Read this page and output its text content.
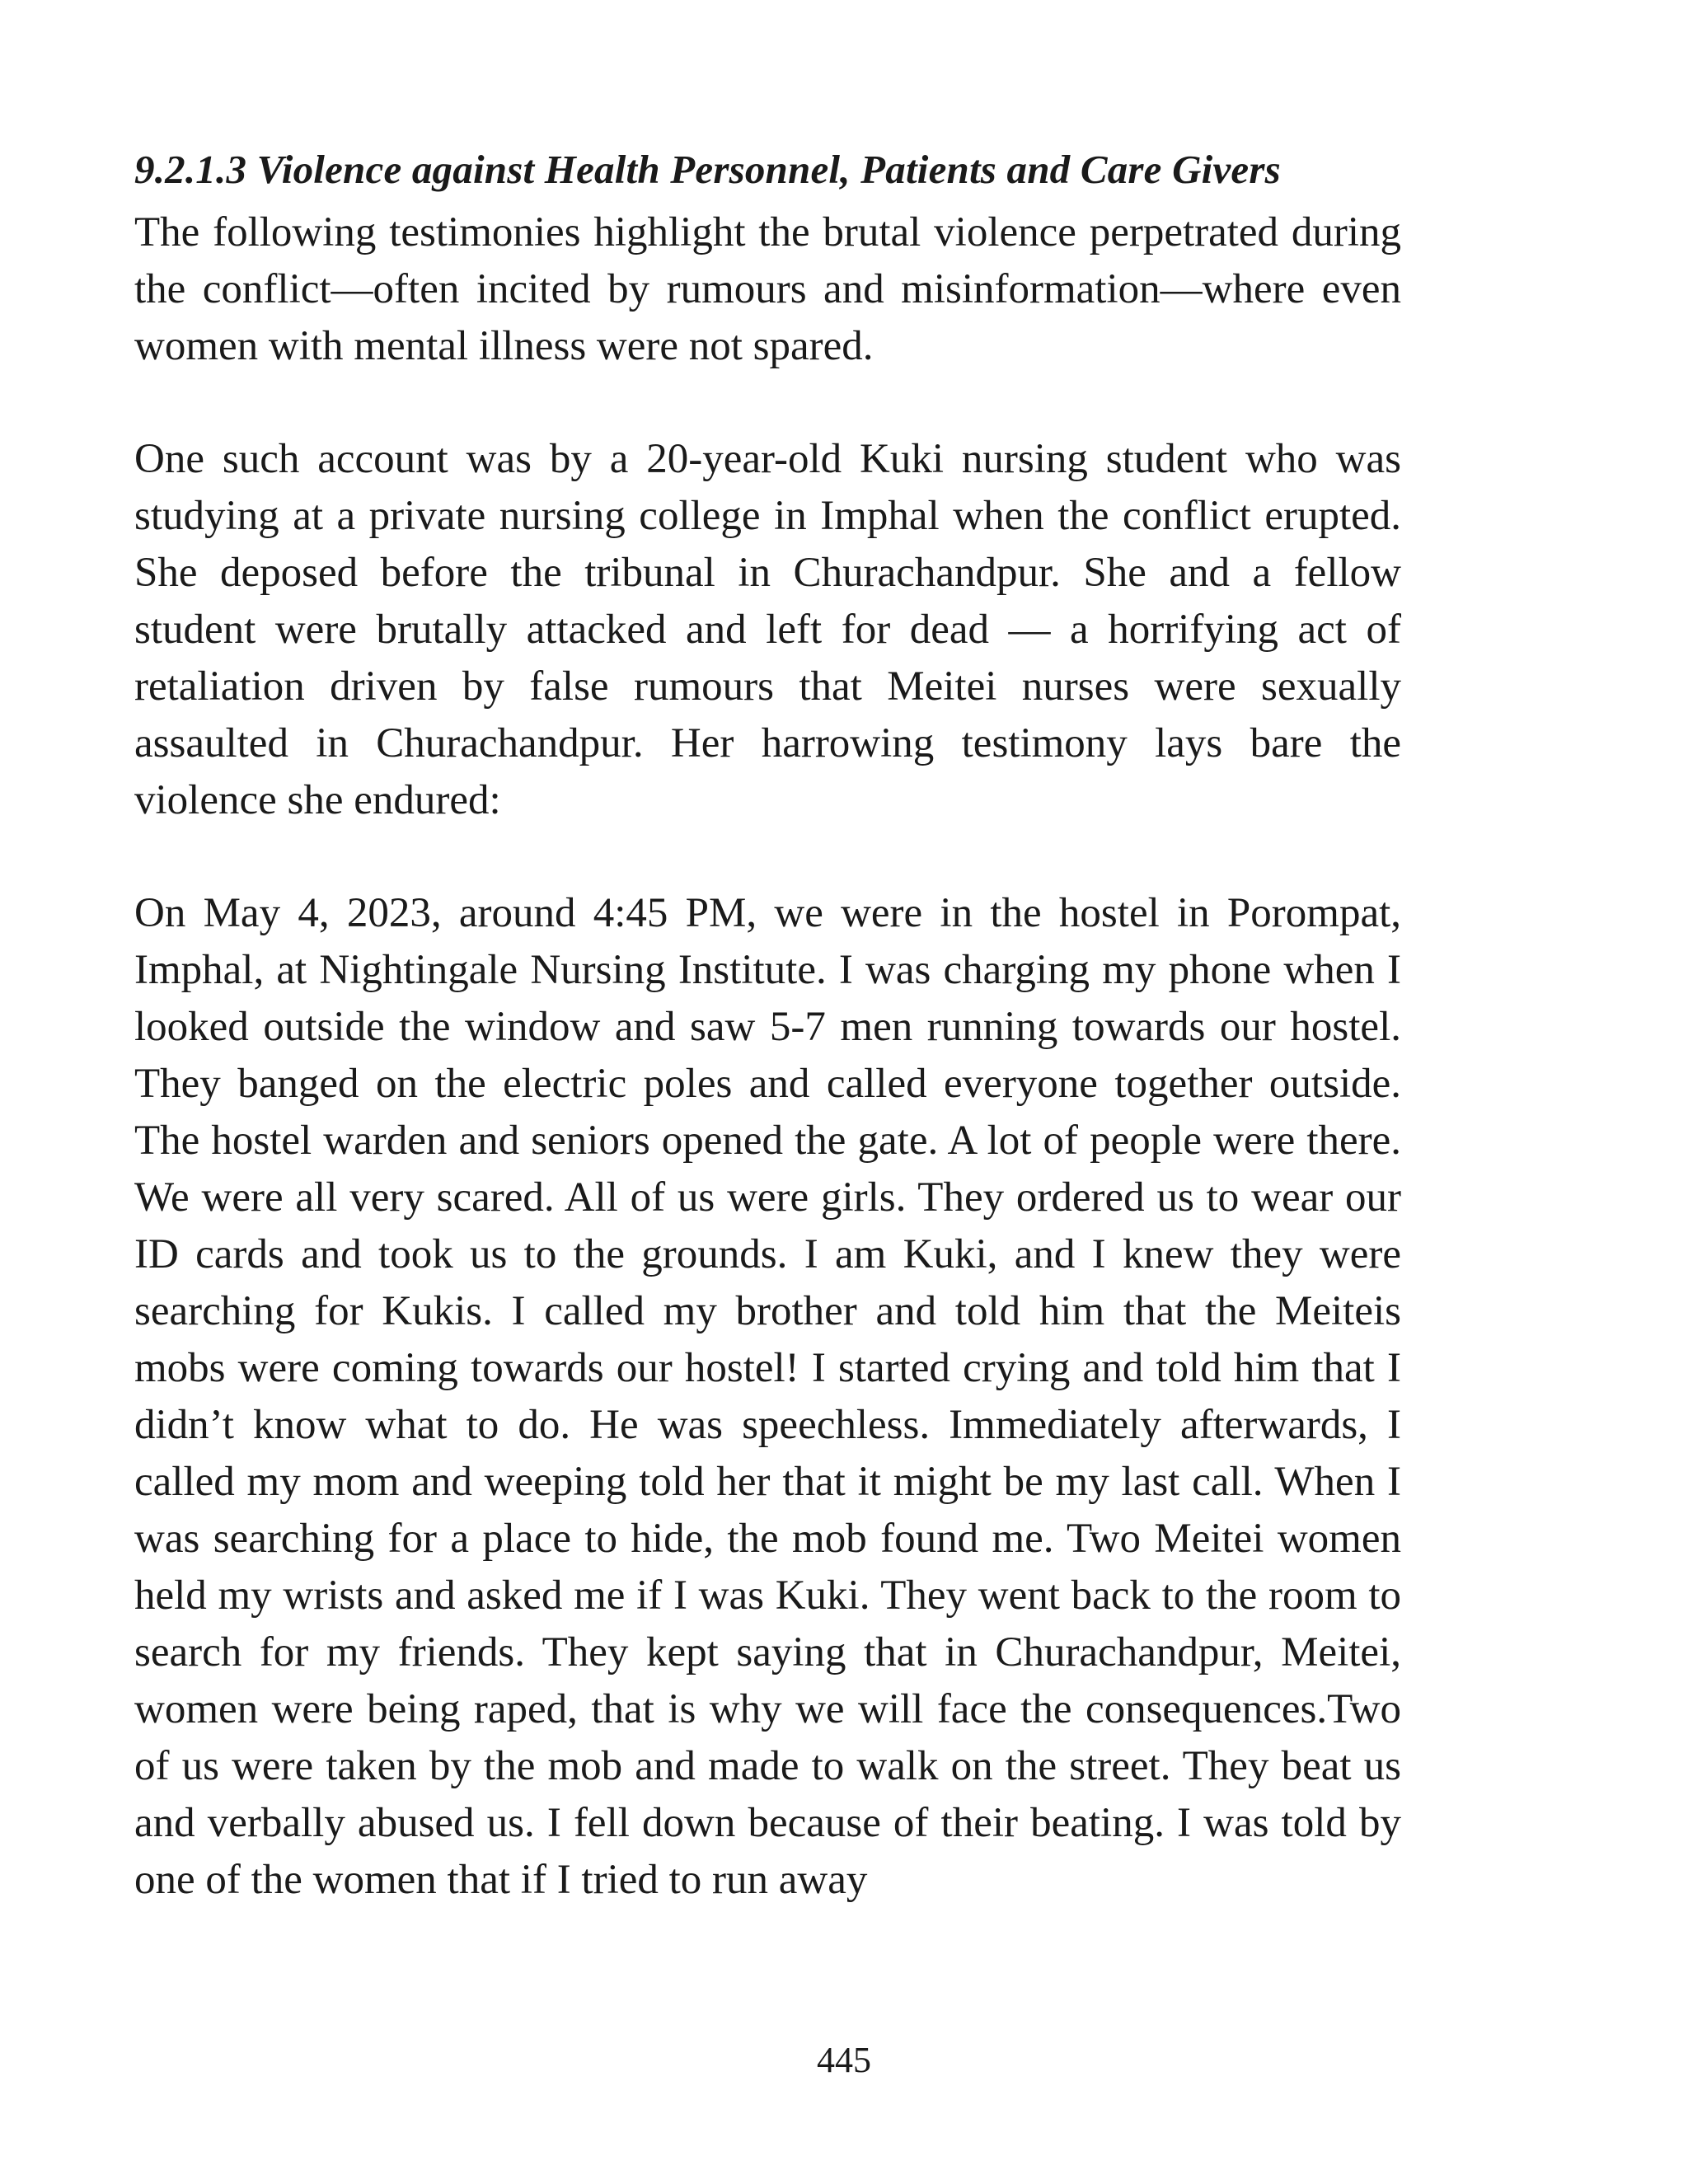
9.2.1.3 Violence against Health Personnel, Patients and Care Givers

The following testimonies highlight the brutal violence perpetrated during the conflict—often incited by rumours and misinformation—where even women with mental illness were not spared.

One such account was by a 20-year-old Kuki nursing student who was studying at a private nursing college in Imphal when the conflict erupted. She deposed before the tribunal in Churachandpur. She and a fellow student were brutally attacked and left for dead — a horrifying act of retaliation driven by false rumours that Meitei nurses were sexually assaulted in Churachandpur. Her harrowing testimony lays bare the violence she endured:

On May 4, 2023, around 4:45 PM, we were in the hostel in Porompat, Imphal, at Nightingale Nursing Institute. I was charging my phone when I looked outside the window and saw 5-7 men running towards our hostel. They banged on the electric poles and called everyone together outside. The hostel warden and seniors opened the gate. A lot of people were there. We were all very scared. All of us were girls. They ordered us to wear our ID cards and took us to the grounds. I am Kuki, and I knew they were searching for Kukis. I called my brother and told him that the Meiteis mobs were coming towards our hostel! I started crying and told him that I didn’t know what to do. He was speechless. Immediately afterwards, I called my mom and weeping told her that it might be my last call. When I was searching for a place to hide, the mob found me. Two Meitei women held my wrists and asked me if I was Kuki. They went back to the room to search for my friends. They kept saying that in Churachandpur, Meitei, women were being raped, that is why we will face the consequences.Two of us were taken by the mob and made to walk on the street. They beat us and verbally abused us. I fell down because of their beating. I was told by one of the women that if I tried to run away

445
